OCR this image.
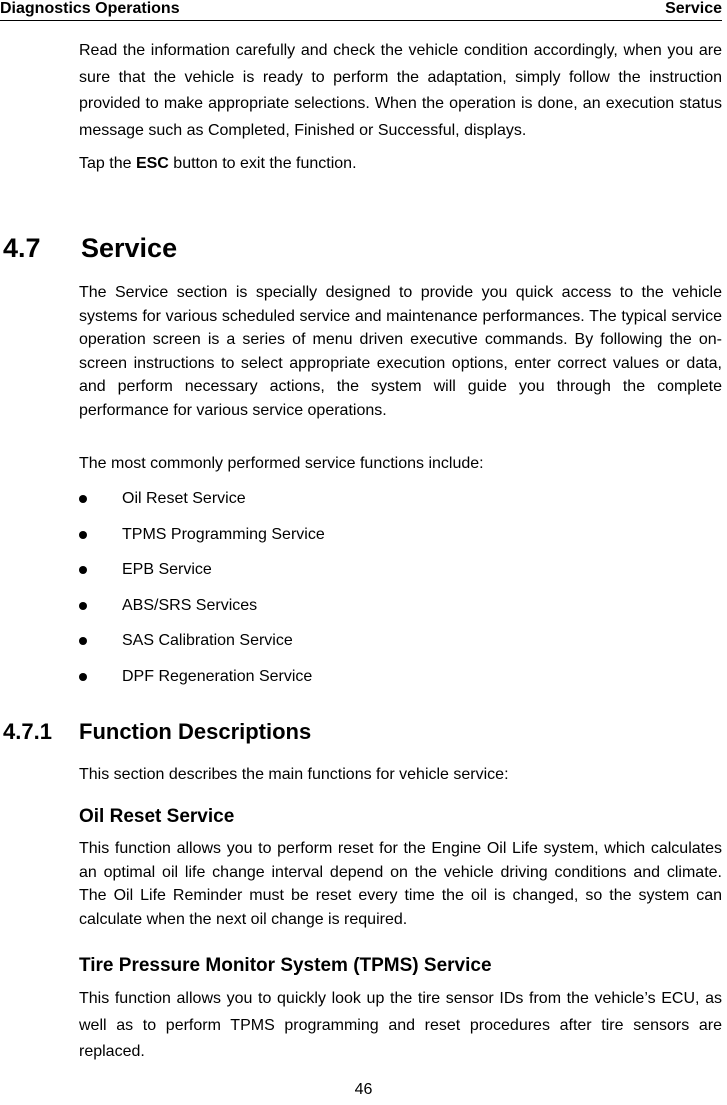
Diagnostics Operations	Service

Read the information carefully and check the vehicle condition accordingly, when you are sure that the vehicle is ready to perform the adaptation, simply follow the instruction provided to make appropriate selections. When the operation is done, an execution status message such as Completed, Finished or Successful, displays.

Tap the ESC button to exit the function.

4.7 Service

The Service section is specially designed to provide you quick access to the vehicle systems for various scheduled service and maintenance performances. The typical service operation screen is a series of menu driven executive commands. By following the on-screen instructions to select appropriate execution options, enter correct values or data, and perform necessary actions, the system will guide you through the complete performance for various service operations.

The most commonly performed service functions include:

Oil Reset Service
TPMS Programming Service
EPB Service
ABS/SRS Services
SAS Calibration Service
DPF Regeneration Service
4.7.1 Function Descriptions

This section describes the main functions for vehicle service:

Oil Reset Service

This function allows you to perform reset for the Engine Oil Life system, which calculates an optimal oil life change interval depend on the vehicle driving conditions and climate. The Oil Life Reminder must be reset every time the oil is changed, so the system can calculate when the next oil change is required.

Tire Pressure Monitor System (TPMS) Service

This function allows you to quickly look up the tire sensor IDs from the vehicle’s ECU, as well as to perform TPMS programming and reset procedures after tire sensors are replaced.

46
